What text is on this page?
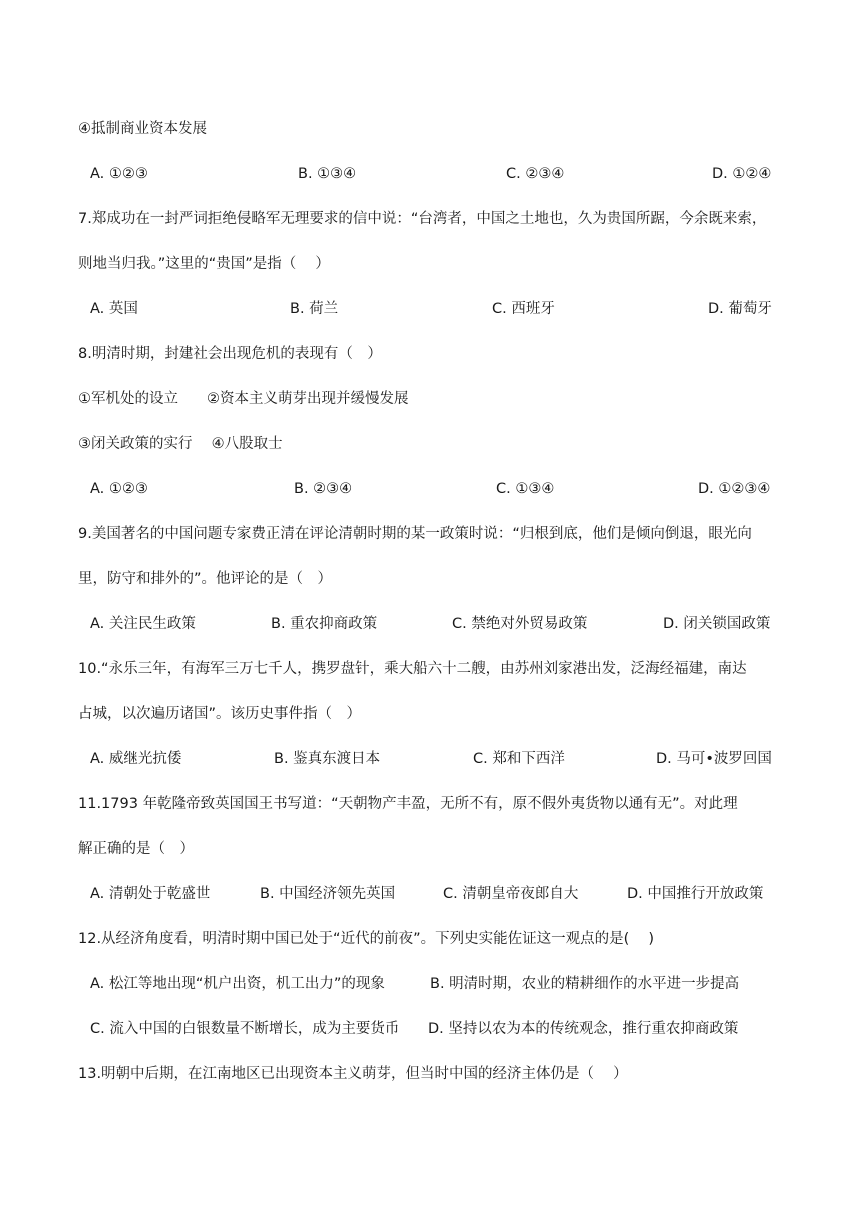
④抵制商业资本发展
A. ①②③	B. ①③④	C. ②③④	D. ①②④
7.郑成功在一封严词拒绝侵略军无理要求的信中说：“台湾者，中国之土地也，久为贵国所踞，今余既来索，
则地当归我。”这里的“贵国”是指（　 ）
A. 英国	B. 荷兰	C. 西班牙	D. 葡萄牙
8.明清时期，封建社会出现危机的表现有（　）
①军机处的设立　　②资本主义萌芽出现并缓慢发展
③闭关政策的实行　 ④八股取士
A. ①②③	B. ②③④	C. ①③④	D. ①②③④
9.美国著名的中国问题专家费正清在评论清朝时期的某一政策时说：“归根到底，他们是倾向倒退，眼光向
里，防守和排外的”。他评论的是（　）
A. 关注民生政策	B. 重农抑商政策	C. 禁绝对外贸易政策	D. 闭关锁国政策
10.“永乐三年，有海军三万七千人，携罗盘针，乘大船六十二艘，由苏州刘家港出发，泛海经福建，南达
占城，以次遍历诸国”。该历史事件指（　）
A. 威继光抗倭	B. 鉴真东渡日本	C. 郑和下西洋	D. 马可•波罗回国
11.1793 年乾隆帝致英国国王书写道：“天朝物产丰盈，无所不有，原不假外夷货物以通有无”。对此理
解正确的是（　）
A. 清朝处于乾盛世	B. 中国经济领先英国	C. 清朝皇帝夜郎自大	D. 中国推行开放政策
12.从经济角度看，明清时期中国已处于“近代的前夜”。下列史实能佐证这一观点的是(　 )
A. 松江等地出现“机户出资，机工出力”的现象	B. 明清时期，农业的精耕细作的水平进一步提高
C. 流入中国的白银数量不断增长，成为主要货币 D. 坚持以农为本的传统观念，推行重农抑商政策
13.明朝中后期，在江南地区已出现资本主义萌芽，但当时中国的经济主体仍是（　 ）
